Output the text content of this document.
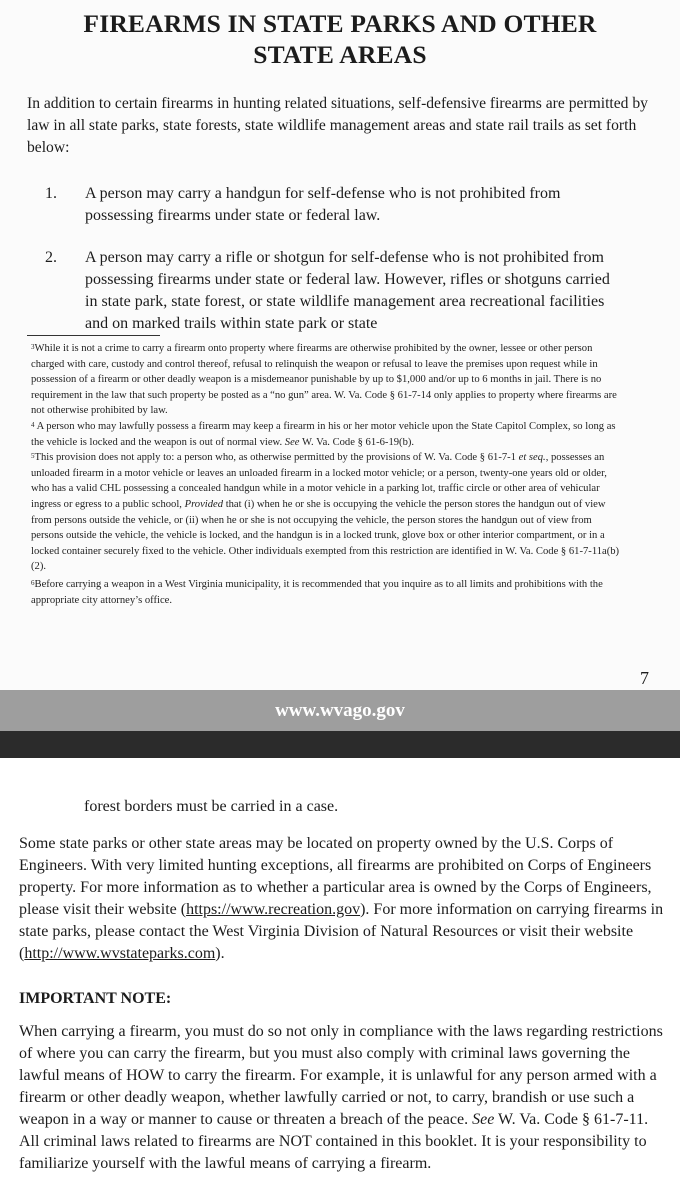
FIREARMS IN STATE PARKS AND OTHER
STATE AREAS
In addition to certain firearms in hunting related situations, self-defensive firearms are permitted by law in all state parks, state forests, state wildlife management areas and state rail trails as set forth below:
1. A person may carry a handgun for self-defense who is not prohibited from possessing firearms under state or federal law.
2. A person may carry a rifle or shotgun for self-defense who is not prohibited from possessing firearms under state or federal law. However, rifles or shotguns carried in state park, state forest, or state wildlife management area recreational facilities and on marked trails within state park or state

$^3$While it is not a crime to carry a firearm onto property where firearms are otherwise prohibited by the owner, lessee or other person charged with care, custody and control thereof, refusal to relinquish the weapon or refusal to leave the premises upon request while in possession of a firearm or other deadly weapon is a misdemeanor punishable by up to $1,000 and/or up to 6 months in jail. There is no requirement in the law that such property be posted as a “no gun” area. W. Va. Code § 61-7-14 only applies to property where firearms are not otherwise prohibited by law.

$^4$ A person who may lawfully possess a firearm may keep a firearm in his or her motor vehicle upon the State Capitol Complex, so long as the vehicle is locked and the weapon is out of normal view. See W. Va. Code § 61-6-19(b).

$^5$This provision does not apply to: a person who, as otherwise permitted by the provisions of W. Va. Code § 61-7-1 et seq., possesses an unloaded firearm in a motor vehicle or leaves an unloaded firearm in a locked motor vehicle; or a person, twenty-one years old or older, who has a valid CHL possessing a concealed handgun while in a motor vehicle in a parking lot, traffic circle or other area of vehicular ingress or egress to a public school, Provided that (i) when he or she is occupying the vehicle the person stores the handgun out of view from persons outside the vehicle, or (ii) when he or she is not occupying the vehicle, the person stores the handgun out of view from persons outside the vehicle, the vehicle is locked, and the handgun is in a locked trunk, glove box or other interior compartment, or in a locked container securely fixed to the vehicle. Other individuals exempted from this restriction are identified in W. Va. Code § 61-7-11a(b)(2).

$^6$Before carrying a weapon in a West Virginia municipality, it is recommended that you inquire as to all limits and prohibitions with the appropriate city attorney’s office.

7
www.wvago.gov
forest borders must be carried in a case.
Some state parks or other state areas may be located on property owned by the U.S. Corps of Engineers. With very limited hunting exceptions, all firearms are prohibited on Corps of Engineers property. For more information as to whether a particular area is owned by the Corps of Engineers, please visit their website (https://www.recreation.gov). For more information on carrying firearms in state parks, please contact the West Virginia Division of Natural Resources or visit their website (http://www.wvstateparks.com).
IMPORTANT NOTE:
When carrying a firearm, you must do so not only in compliance with the laws regarding restrictions of where you can carry the firearm, but you must also comply with criminal laws governing the lawful means of HOW to carry the firearm. For example, it is unlawful for any person armed with a firearm or other deadly weapon, whether lawfully carried or not, to carry, brandish or use such a weapon in a way or manner to cause or threaten a breach of the peace. See W. Va. Code § 61-7-11. All criminal laws related to firearms are NOT contained in this booklet. It is your responsibility to familiarize yourself with the lawful means of carrying a firearm.
